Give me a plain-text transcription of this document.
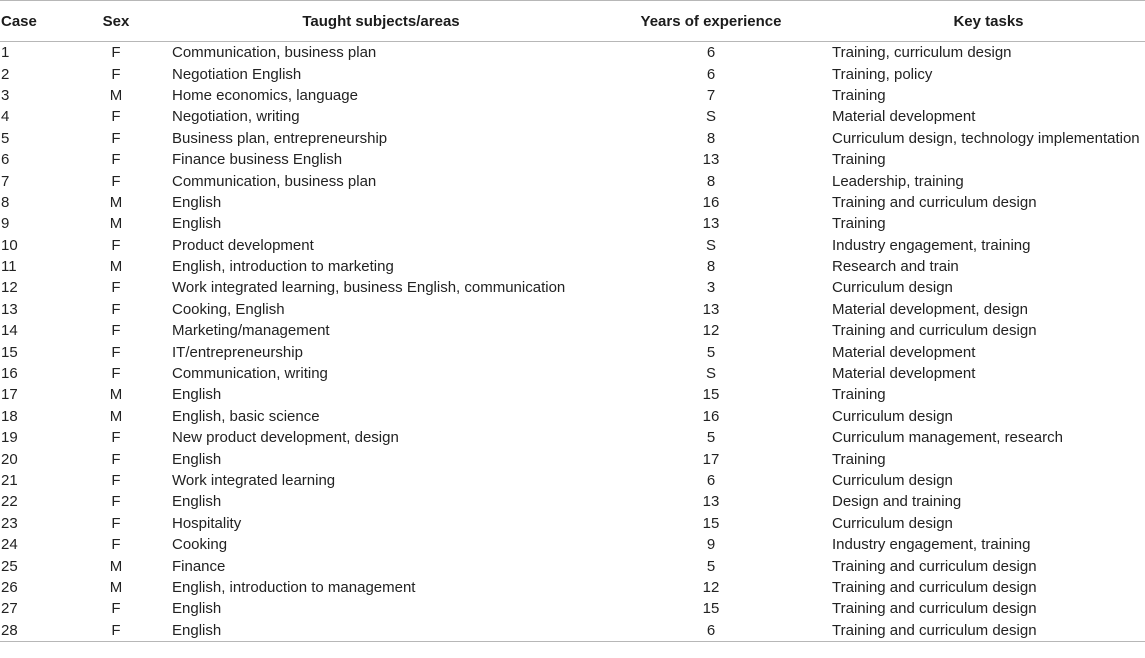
Case	Sex	Taught subjects/areas	Years of experience	Key tasks
1	F	Communication, business plan	6	Training, curriculum design
2	F	Negotiation English	6	Training, policy
3	M	Home economics, language	7	Training
4	F	Negotiation, writing	S	Material development
5	F	Business plan, entrepreneurship	8	Curriculum design, technology implementation
6	F	Finance business English	13	Training
7	F	Communication, business plan	8	Leadership, training
8	M	English	16	Training and curriculum design
9	M	English	13	Training
10	F	Product development	S	Industry engagement, training
11	M	English, introduction to marketing	8	Research and train
12	F	Work integrated learning, business English, communication	3	Curriculum design
13	F	Cooking, English	13	Material development, design
14	F	Marketing/management	12	Training and curriculum design
15	F	IT/entrepreneurship	5	Material development
16	F	Communication, writing	S	Material development
17	M	English	15	Training
18	M	English, basic science	16	Curriculum design
19	F	New product development, design	5	Curriculum management, research
20	F	English	17	Training
21	F	Work integrated learning	6	Curriculum design
22	F	English	13	Design and training
23	F	Hospitality	15	Curriculum design
24	F	Cooking	9	Industry engagement, training
25	M	Finance	5	Training and curriculum design
26	M	English, introduction to management	12	Training and curriculum design
27	F	English	15	Training and curriculum design
28	F	English	6	Training and curriculum design
